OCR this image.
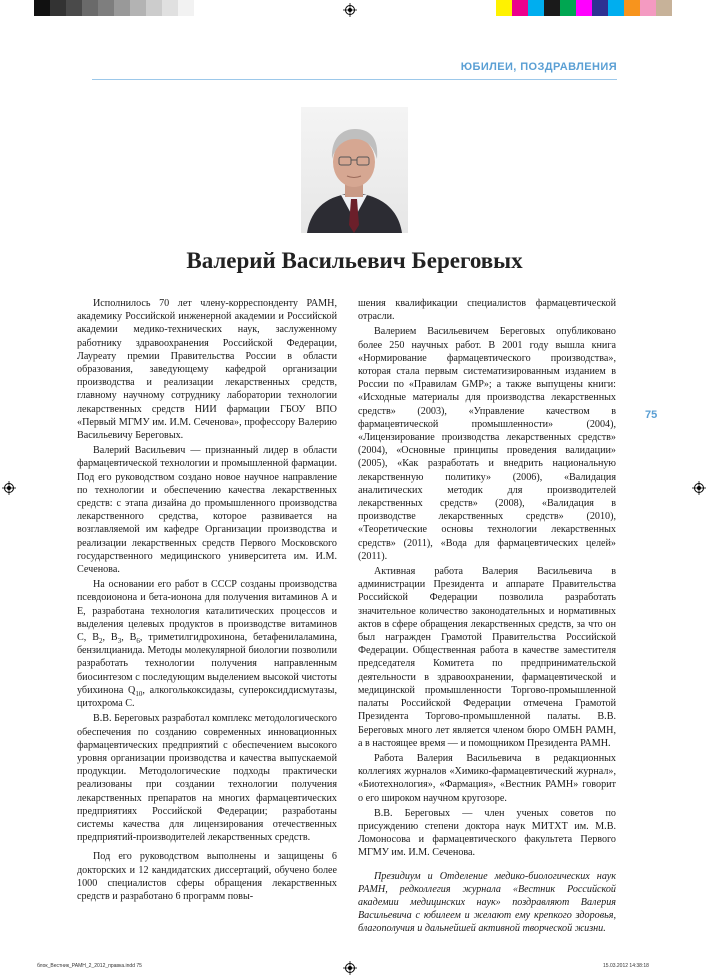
ЮБИЛЕИ, ПОЗДРАВЛЕНИЯ
Валерий Васильевич Береговых

Исполнилось 70 лет члену-корреспонденту РАМН, академику Российской инженерной академии и Российской академии медико-технических наук, заслуженному работнику здравоохранения Российской Федерации, Лауреату премии Правительства России в области образования, заведующему кафедрой организации производства и реализации лекарственных средств, главному научному сотруднику лаборатории технологии лекарственных средств НИИ фармации ГБОУ ВПО «Первый МГМУ им. И.М. Сеченова», профессору Валерию Васильевичу Береговых.

Валерий Васильевич — признанный лидер в области фармацевтической технологии и промышленной фармации. Под его руководством создано новое научное направление по технологии и обеспечению качества лекарственных средств: с этапа дизайна до промышленного производства лекарственного средства, которое развивается на возглавляемой им кафедре Организации производства и реализации лекарственных средств Первого Московского государственного медицинского университета им. И.М. Сеченова.

На основании его работ в СССР созданы производства псевдоионона и бета-ионона для получения витаминов А и Е, разработана технология каталитических процессов и выделения целевых продуктов в производстве витаминов С, $В_2$, $В_3$, $В_6$, триметилгидрохинона, бетафенилаламина, бензилцианида. Методы молекулярной биологии позволили разработать технологии получения направленным биосинтезом с последующим выделением высокой чистоты убихинона $Q_{10}$, алкоголькоксидазы, супероксиддисмутазы, цитохрома С.

В.В. Береговых разработал комплекс методологического обеспечения по созданию современных инновационных фармацевтических предприятий с обеспечением высокого уровня организации производства и качества выпускаемой продукции. Методологические подходы практически реализованы при создании технологии получения лекарственных препаратов на многих фармацевтических предприятиях Российской Федерации; разработаны системы качества для лицензирования отечественных предприятий-производителей лекарственных средств.

Под его руководством выполнены и защищены 6 докторских и 12 кандидатских диссертаций, обучено более 1000 специалистов сферы обращения лекарственных средств и разработано 6 программ повы-

шения квалификации специалистов фармацевтической отрасли.

Валерием Васильевичем Береговых опубликовано более 250 научных работ. В 2001 году вышла книга «Нормирование фармацевтического производства», которая стала первым систематизированным изданием в России по «Правилам GMP»; а также выпущены книги: «Исходные материалы для производства лекарственных средств» (2003), «Управление качеством в фармацевтической промышленности» (2004), «Лицензирование производства лекарственных средств» (2004), «Основные принципы проведения валидации» (2005), «Как разработать и внедрить национальную лекарственную политику» (2006), «Валидация аналитических методик для производителей лекарственных средств» (2008), «Валидация в производстве лекарственных средств» (2010), «Теоретические основы технологии лекарственных средств» (2011), «Вода для фармацевтических целей» (2011).

Активная работа Валерия Васильевича в администрации Президента и аппарате Правительства Российской Федерации позволила разработать значительное количество законодательных и нормативных актов в сфере обращения лекарственных средств, за что он был награжден Грамотой Правительства Российской Федерации. Общественная работа в качестве заместителя председателя Комитета по предпринимательской деятельности в здравоохранении, фармацевтической и медицинской промышленности Торгово-промышленной палаты Российской Федерации отмечена Грамотой Президента Торгово-промышленной палаты. В.В. Береговых много лет является членом бюро ОМБН РАМН, а в настоящее время — и помощником Президента РАМН.

Работа Валерия Васильевича в редакционных коллегиях журналов «Химико-фармацевтический журнал», «Биотехнология», «Фармация», «Вестник РАМН» говорит о его широком научном кругозоре.

В.В. Береговых — член ученых советов по присуждению степени доктора наук МИТХТ им. М.В. Ломоносова и фармацевтического факультета Первого МГМУ им. И.М. Сеченова.

Президиум и Отделение медико-биологических наук РАМН, редколлегия журнала «Вестник Российской академии медицинских наук» поздравляют Валерия Васильевича с юбилеем и желают ему крепкого здоровья, благополучия и дальнейшей активной творческой жизни.

75
блок_Вестник_РАМН_2_2012_правка.indd 75	15.03.2012 14:38:18
